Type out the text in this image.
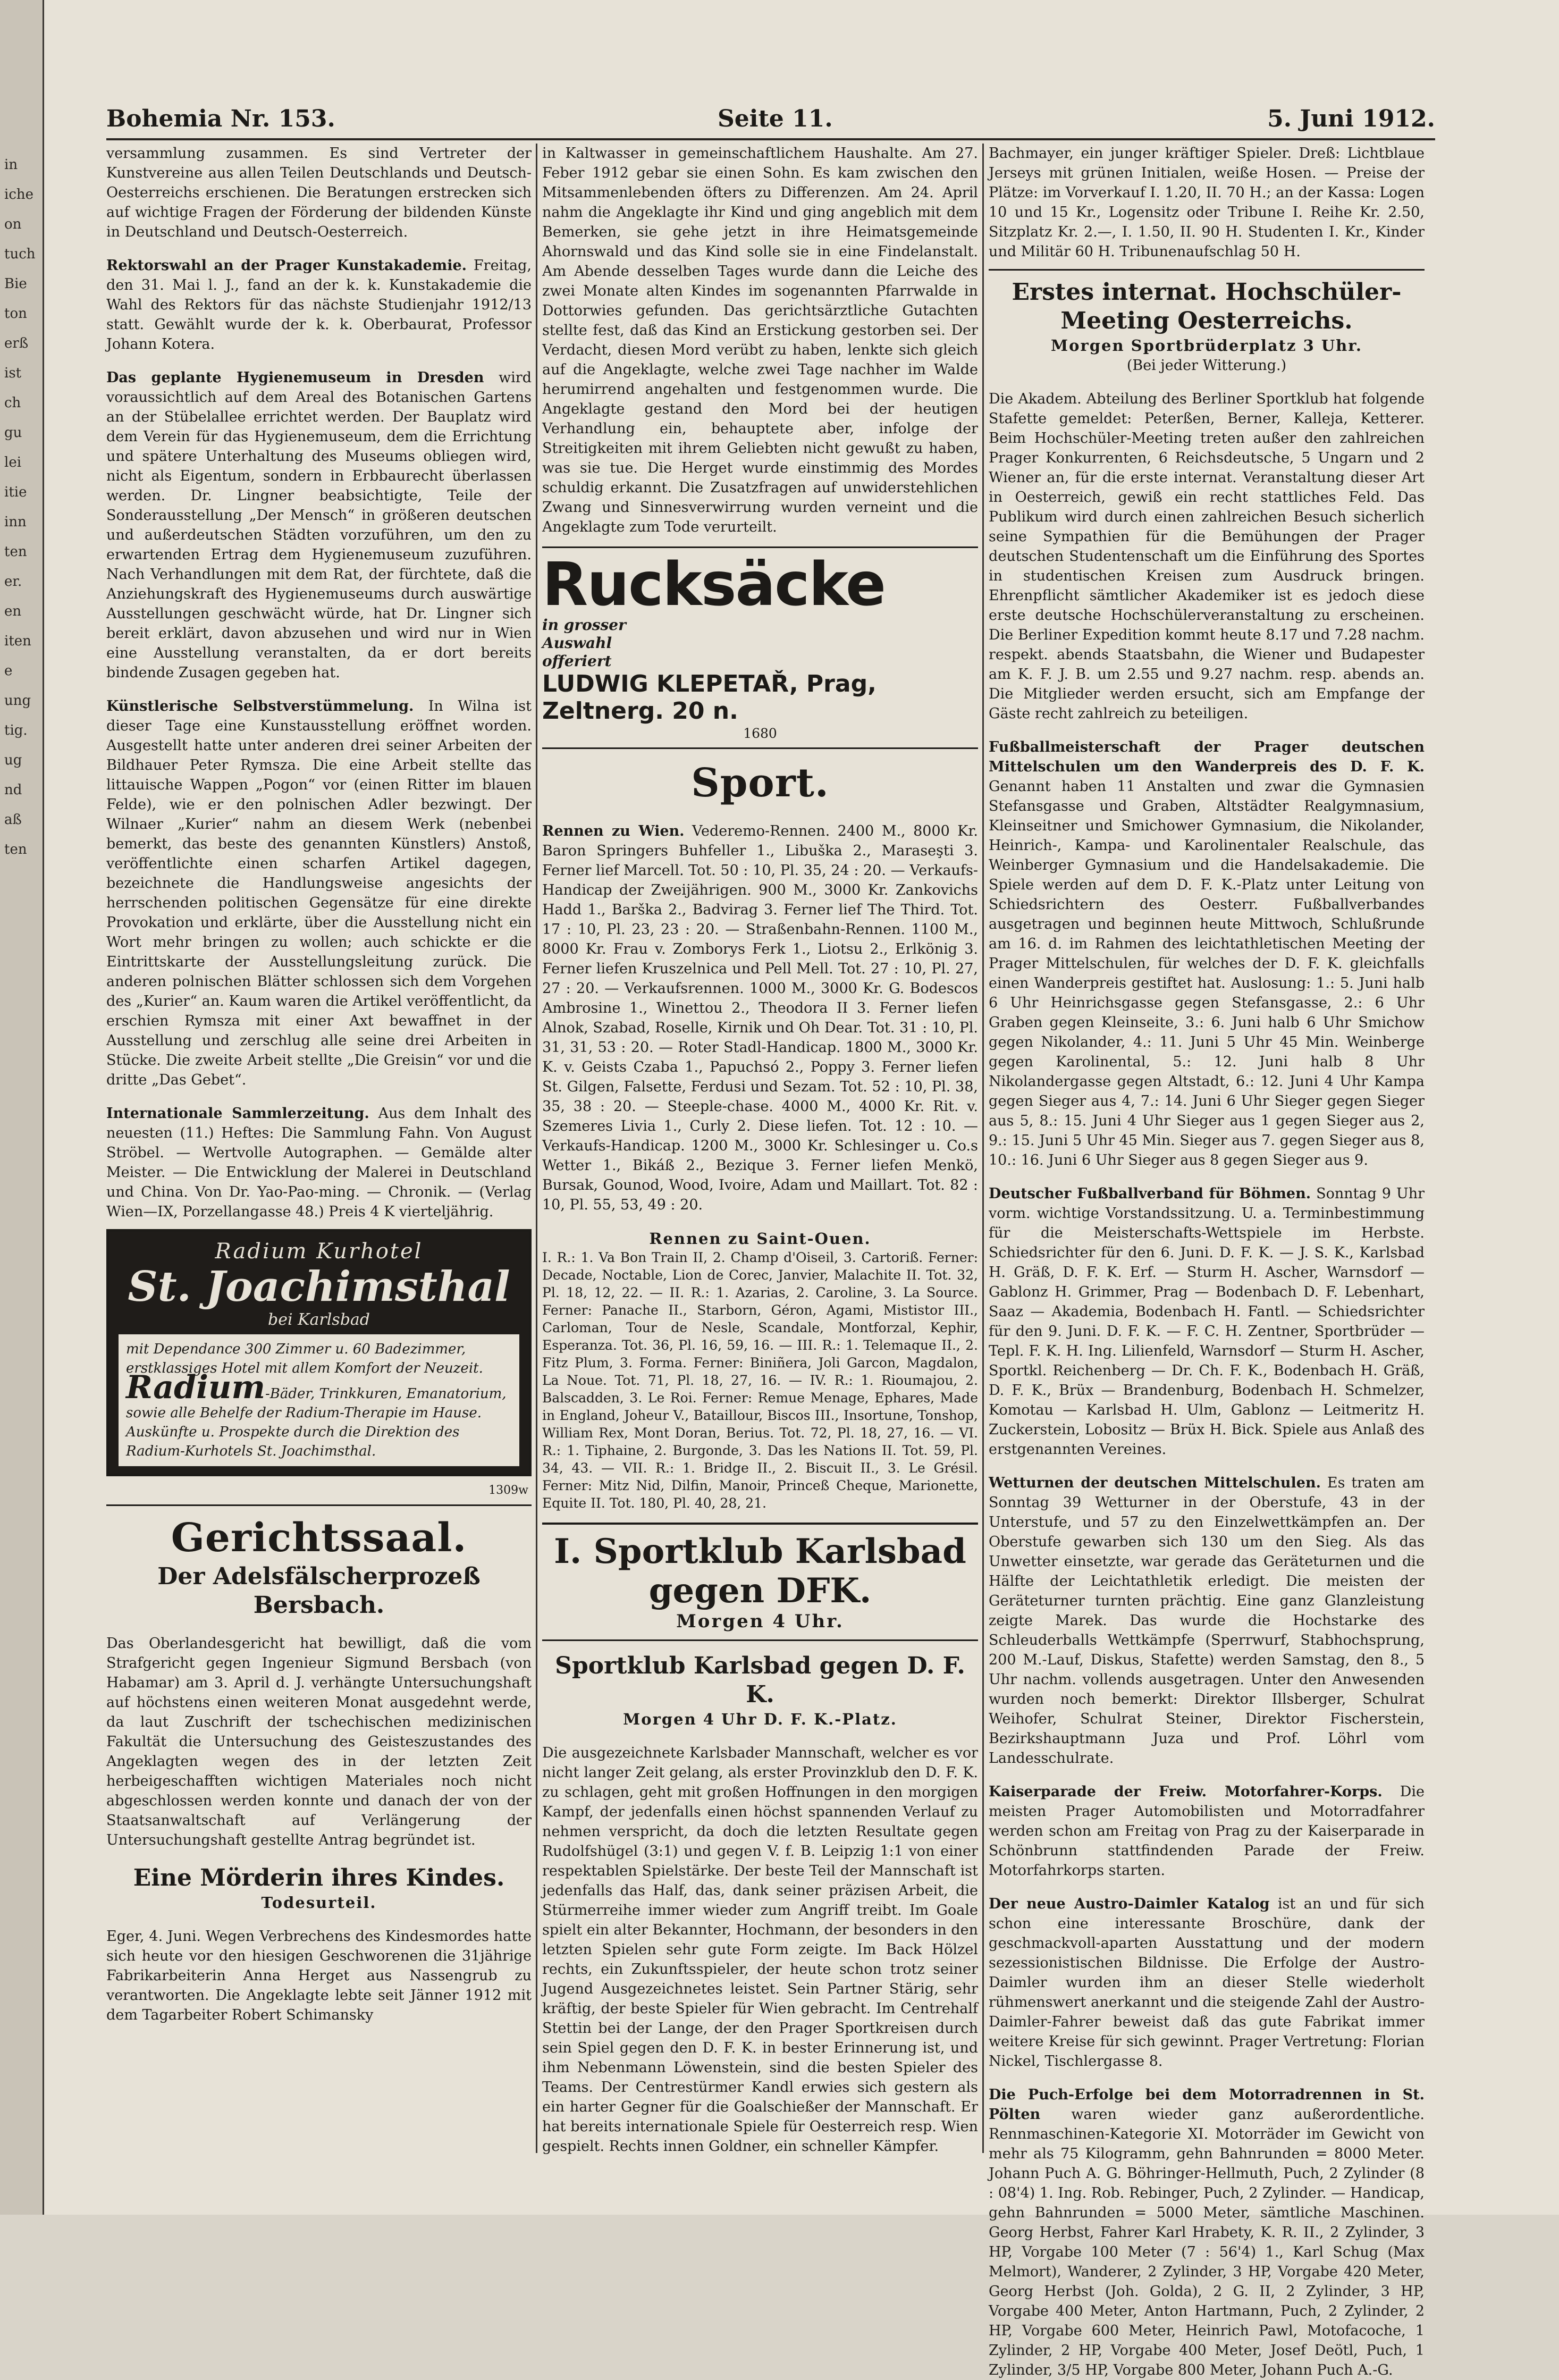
in
iche
on
tuch
Bie
ton
erß
ist
ch
gu
lei
itie
inn
ten
er.
en
iten
e
ung
tig.
ug
nd
aß
ten
Bohemia Nr. 153.	Seite 11.	5. Juni 1912.

versammlung zusammen. Es sind Vertreter der Kunstvereine aus allen Teilen Deutschlands und Deutsch-Oesterreichs erschienen. Die Beratungen erstrecken sich auf wichtige Fragen der Förderung der bildenden Künste in Deutschland und Deutsch-Oesterreich.

Rektorswahl an der Prager Kunstakademie. Freitag, den 31. Mai l. J., fand an der k. k. Kunstakademie die Wahl des Rektors für das nächste Studienjahr 1912/13 statt. Gewählt wurde der k. k. Oberbaurat, Professor Johann Kotera.

Das geplante Hygienemuseum in Dresden wird voraussichtlich auf dem Areal des Botanischen Gartens an der Stübelallee errichtet werden. Der Bauplatz wird dem Verein für das Hygienemuseum, dem die Errichtung und spätere Unterhaltung des Museums obliegen wird, nicht als Eigentum, sondern in Erbbaurecht überlassen werden. Dr. Lingner beabsichtigte, Teile der Sonderausstellung „Der Mensch“ in größeren deutschen und außerdeutschen Städten vorzuführen, um den zu erwartenden Ertrag dem Hygienemuseum zuzuführen. Nach Verhandlungen mit dem Rat, der fürchtete, daß die Anziehungskraft des Hygienemuseums durch auswärtige Ausstellungen geschwächt würde, hat Dr. Lingner sich bereit erklärt, davon abzusehen und wird nur in Wien eine Ausstellung veranstalten, da er dort bereits bindende Zusagen gegeben hat.

Künstlerische Selbstverstümmelung. In Wilna ist dieser Tage eine Kunstausstellung eröffnet worden. Ausgestellt hatte unter anderen drei seiner Arbeiten der Bildhauer Peter Rymsza. Die eine Arbeit stellte das littauische Wappen „Pogon“ vor (einen Ritter im blauen Felde), wie er den polnischen Adler bezwingt. Der Wilnaer „Kurier“ nahm an diesem Werk (nebenbei bemerkt, das beste des genannten Künstlers) Anstoß, veröffentlichte einen scharfen Artikel dagegen, bezeichnete die Handlungsweise angesichts der herrschenden politischen Gegensätze für eine direkte Provokation und erklärte, über die Ausstellung nicht ein Wort mehr bringen zu wollen; auch schickte er die Eintrittskarte der Ausstellungsleitung zurück. Die anderen polnischen Blätter schlossen sich dem Vorgehen des „Kurier“ an. Kaum waren die Artikel veröffentlicht, da erschien Rymsza mit einer Axt bewaffnet in der Ausstellung und zerschlug alle seine drei Arbeiten in Stücke. Die zweite Arbeit stellte „Die Greisin“ vor und die dritte „Das Gebet“.

Internationale Sammlerzeitung. Aus dem Inhalt des neuesten (11.) Heftes: Die Sammlung Fahn. Von August Ströbel. — Wertvolle Autographen. — Gemälde alter Meister. — Die Entwicklung der Malerei in Deutschland und China. Von Dr. Yao-Pao-ming. — Chronik. — (Verlag Wien—IX, Porzellangasse 48.) Preis 4 K vierteljährig.

Radium Kurhotel
St. Joachimsthal
bei Karlsbad
mit Dependance 300 Zimmer u. 60 Badezimmer, erstklassiges Hotel mit allem Komfort der Neuzeit.
Radium-Bäder, Trinkkuren, Emanatorium, sowie alle Behelfe der Radium-Therapie im Hause. Auskünfte u. Prospekte durch die Direktion des Radium-Kurhotels St. Joachimsthal.
1309w
Gerichtssaal.
Der Adelsfälscherprozeß Bersbach.

Das Oberlandesgericht hat bewilligt, daß die vom Strafgericht gegen Ingenieur Sigmund Bersbach (von Habamar) am 3. April d. J. verhängte Untersuchungshaft auf höchstens einen weiteren Monat ausgedehnt werde, da laut Zuschrift der tschechischen medizinischen Fakultät die Untersuchung des Geisteszustandes des Angeklagten wegen des in der letzten Zeit herbeigeschafften wichtigen Materiales noch nicht abgeschlossen werden konnte und danach der von der Staatsanwaltschaft auf Verlängerung der Untersuchungshaft gestellte Antrag begründet ist.

Eine Mörderin ihres Kindes.
Todesurteil.

Eger, 4. Juni. Wegen Verbrechens des Kindesmordes hatte sich heute vor den hiesigen Geschworenen die 31jährige Fabrikarbeiterin Anna Herget aus Nassengrub zu verantworten. Die Angeklagte lebte seit Jänner 1912 mit dem Tagarbeiter Robert Schimansky

in Kaltwasser in gemeinschaftlichem Haushalte. Am 27. Feber 1912 gebar sie einen Sohn. Es kam zwischen den Mitsammenlebenden öfters zu Differenzen. Am 24. April nahm die Angeklagte ihr Kind und ging angeblich mit dem Bemerken, sie gehe jetzt in ihre Heimatsgemeinde Ahornswald und das Kind solle sie in eine Findelanstalt. Am Abende desselben Tages wurde dann die Leiche des zwei Monate alten Kindes im sogenannten Pfarrwalde in Dottorwies gefunden. Das gerichtsärztliche Gutachten stellte fest, daß das Kind an Erstickung gestorben sei. Der Verdacht, diesen Mord verübt zu haben, lenkte sich gleich auf die Angeklagte, welche zwei Tage nachher im Walde herumirrend angehalten und festgenommen wurde. Die Angeklagte gestand den Mord bei der heutigen Verhandlung ein, behauptete aber, infolge der Streitigkeiten mit ihrem Geliebten nicht gewußt zu haben, was sie tue. Die Herget wurde einstimmig des Mordes schuldig erkannt. Die Zusatzfragen auf unwiderstehlichen Zwang und Sinnesverwirrung wurden verneint und die Angeklagte zum Tode verurteilt.

Rucksäcke in grosser Auswahl offeriert
LUDWIG KLEPETAŘ, Prag, Zeltnerg. 20 n.
1680
Sport.

Rennen zu Wien. Vederemo-Rennen. 2400 M., 8000 Kr. Baron Springers Buhfeller 1., Libuška 2., Maraseşti 3. Ferner lief Marcell. Tot. 50 : 10, Pl. 35, 24 : 20. — Verkaufs-Handicap der Zweijährigen. 900 M., 3000 Kr. Zankovichs Hadd 1., Barška 2., Badvirag 3. Ferner lief The Third. Tot. 17 : 10, Pl. 23, 23 : 20. — Straßenbahn-Rennen. 1100 M., 8000 Kr. Frau v. Zomborys Ferk 1., Liotsu 2., Erlkönig 3. Ferner liefen Kruszelnica und Pell Mell. Tot. 27 : 10, Pl. 27, 27 : 20. — Verkaufsrennen. 1000 M., 3000 Kr. G. Bodescos Ambrosine 1., Winettou 2., Theodora II 3. Ferner liefen Alnok, Szabad, Roselle, Kirnik und Oh Dear. Tot. 31 : 10, Pl. 31, 31, 53 : 20. — Roter Stadl-Handicap. 1800 M., 3000 Kr. K. v. Geists Czaba 1., Papuchsó 2., Poppy 3. Ferner liefen St. Gilgen, Falsette, Ferdusi und Sezam. Tot. 52 : 10, Pl. 38, 35, 38 : 20. — Steeple-chase. 4000 M., 4000 Kr. Rit. v. Szemeres Livia 1., Curly 2. Diese liefen. Tot. 12 : 10. — Verkaufs-Handicap. 1200 M., 3000 Kr. Schlesinger u. Co.s Wetter 1., Bikáß 2., Bezique 3. Ferner liefen Menkö, Bursak, Gounod, Wood, Ivoire, Adam und Maillart. Tot. 82 : 10, Pl. 55, 53, 49 : 20.

Rennen zu Saint-Ouen.

I. R.: 1. Va Bon Train II, 2. Champ d'Oiseil, 3. Cartoriß. Ferner: Decade, Noctable, Lion de Corec, Janvier, Malachite II. Tot. 32, Pl. 18, 12, 22. — II. R.: 1. Azarias, 2. Caroline, 3. La Source. Ferner: Panache II., Starborn, Géron, Agami, Mististor III., Carloman, Tour de Nesle, Scandale, Montforzal, Kephir, Esperanza. Tot. 36, Pl. 16, 59, 16. — III. R.: 1. Telemaque II., 2. Fitz Plum, 3. Forma. Ferner: Biniñera, Joli Garcon, Magdalon, La Noue. Tot. 71, Pl. 18, 27, 16. — IV. R.: 1. Rioumajou, 2. Balscadden, 3. Le Roi. Ferner: Remue Menage, Ephares, Made in England, Joheur V., Bataillour, Biscos III., Insortune, Tonshop, William Rex, Mont Doran, Berius. Tot. 72, Pl. 18, 27, 16. — VI. R.: 1. Tiphaine, 2. Burgonde, 3. Das les Nations II. Tot. 59, Pl. 34, 43. — VII. R.: 1. Bridge II., 2. Biscuit II., 3. Le Grésil. Ferner: Mitz Nid, Dilfin, Manoir, Princeß Cheque, Marionette, Equite II. Tot. 180, Pl. 40, 28, 21.

I. Sportklub Karlsbad gegen DFK.
Morgen 4 Uhr.
Sportklub Karlsbad gegen D. F. K.
Morgen 4 Uhr D. F. K.-Platz.

Die ausgezeichnete Karlsbader Mannschaft, welcher es vor nicht langer Zeit gelang, als erster Provinzklub den D. F. K. zu schlagen, geht mit großen Hoffnungen in den morgigen Kampf, der jedenfalls einen höchst spannenden Verlauf zu nehmen verspricht, da doch die letzten Resultate gegen Rudolfshügel (3:1) und gegen V. f. B. Leipzig 1:1 von einer respektablen Spielstärke. Der beste Teil der Mannschaft ist jedenfalls das Half, das, dank seiner präzisen Arbeit, die Stürmerreihe immer wieder zum Angriff treibt. Im Goale spielt ein alter Bekannter, Hochmann, der besonders in den letzten Spielen sehr gute Form zeigte. Im Back Hölzel rechts, ein Zukunftsspieler, der heute schon trotz seiner Jugend Ausgezeichnetes leistet. Sein Partner Stärig, sehr kräftig, der beste Spieler für Wien gebracht. Im Centrehalf Stettin bei der Lange, der den Prager Sportkreisen durch sein Spiel gegen den D. F. K. in bester Erinnerung ist, und ihm Nebenmann Löwenstein, sind die besten Spieler des Teams. Der Centrestürmer Kandl erwies sich gestern als ein harter Gegner für die Goalschießer der Mannschaft. Er hat bereits internationale Spiele für Oesterreich resp. Wien gespielt. Rechts innen Goldner, ein schneller Kämpfer.

Bachmayer, ein junger kräftiger Spieler. Dreß: Lichtblaue Jerseys mit grünen Initialen, weiße Hosen. — Preise der Plätze: im Vorverkauf I. 1.20, II. 70 H.; an der Kassa: Logen 10 und 15 Kr., Logensitz oder Tribune I. Reihe Kr. 2.50, Sitzplatz Kr. 2.—, I. 1.50, II. 90 H. Studenten I. Kr., Kinder und Militär 60 H. Tribunenaufschlag 50 H.

Erstes internat. Hochschüler-Meeting Oesterreichs.
Morgen Sportbrüderplatz 3 Uhr.
(Bei jeder Witterung.)

Die Akadem. Abteilung des Berliner Sportklub hat folgende Stafette gemeldet: Peterßen, Berner, Kalleja, Ketterer. Beim Hochschüler-Meeting treten außer den zahlreichen Prager Konkurrenten, 6 Reichsdeutsche, 5 Ungarn und 2 Wiener an, für die erste internat. Veranstaltung dieser Art in Oesterreich, gewiß ein recht stattliches Feld. Das Publikum wird durch einen zahlreichen Besuch sicherlich seine Sympathien für die Bemühungen der Prager deutschen Studentenschaft um die Einführung des Sportes in studentischen Kreisen zum Ausdruck bringen. Ehrenpflicht sämtlicher Akademiker ist es jedoch diese erste deutsche Hochschülerveranstaltung zu erscheinen. Die Berliner Expedition kommt heute 8.17 und 7.28 nachm. respekt. abends Staatsbahn, die Wiener und Budapester am K. F. J. B. um 2.55 und 9.27 nachm. resp. abends an. Die Mitglieder werden ersucht, sich am Empfange der Gäste recht zahlreich zu beteiligen.

Fußballmeisterschaft der Prager deutschen Mittelschulen um den Wanderpreis des D. F. K. Genannt haben 11 Anstalten und zwar die Gymnasien Stefansgasse und Graben, Altstädter Realgymnasium, Kleinseitner und Smichower Gymnasium, die Nikolander, Heinrich-, Kampa- und Karolinentaler Realschule, das Weinberger Gymnasium und die Handelsakademie. Die Spiele werden auf dem D. F. K.-Platz unter Leitung von Schiedsrichtern des Oesterr. Fußballverbandes ausgetragen und beginnen heute Mittwoch, Schlußrunde am 16. d. im Rahmen des leichtathletischen Meeting der Prager Mittelschulen, für welches der D. F. K. gleichfalls einen Wanderpreis gestiftet hat. Auslosung: 1.: 5. Juni halb 6 Uhr Heinrichsgasse gegen Stefansgasse, 2.: 6 Uhr Graben gegen Kleinseite, 3.: 6. Juni halb 6 Uhr Smichow gegen Nikolander, 4.: 11. Juni 5 Uhr 45 Min. Weinberge gegen Karolinental, 5.: 12. Juni halb 8 Uhr Nikolandergasse gegen Altstadt, 6.: 12. Juni 4 Uhr Kampa gegen Sieger aus 4, 7.: 14. Juni 6 Uhr Sieger gegen Sieger aus 5, 8.: 15. Juni 4 Uhr Sieger aus 1 gegen Sieger aus 2, 9.: 15. Juni 5 Uhr 45 Min. Sieger aus 7. gegen Sieger aus 8, 10.: 16. Juni 6 Uhr Sieger aus 8 gegen Sieger aus 9.

Deutscher Fußballverband für Böhmen. Sonntag 9 Uhr vorm. wichtige Vorstandssitzung. U. a. Terminbestimmung für die Meisterschafts-Wettspiele im Herbste. Schiedsrichter für den 6. Juni. D. F. K. — J. S. K., Karlsbad H. Gräß, D. F. K. Erf. — Sturm H. Ascher, Warnsdorf — Gablonz H. Grimmer, Prag — Bodenbach D. F. Lebenhart, Saaz — Akademia, Bodenbach H. Fantl. — Schiedsrichter für den 9. Juni. D. F. K. — F. C. H. Zentner, Sportbrüder — Tepl. F. K. H. Ing. Lilienfeld, Warnsdorf — Sturm H. Ascher, Sportkl. Reichenberg — Dr. Ch. F. K., Bodenbach H. Gräß, D. F. K., Brüx — Brandenburg, Bodenbach H. Schmelzer, Komotau — Karlsbad H. Ulm, Gablonz — Leitmeritz H. Zuckerstein, Lobositz — Brüx H. Bick. Spiele aus Anlaß des erstgenannten Vereines.

Wetturnen der deutschen Mittelschulen. Es traten am Sonntag 39 Wetturner in der Oberstufe, 43 in der Unterstufe, und 57 zu den Einzelwettkämpfen an. Der Oberstufe gewarben sich 130 um den Sieg. Als das Unwetter einsetzte, war gerade das Geräteturnen und die Hälfte der Leichtathletik erledigt. Die meisten der Geräteturner turnten prächtig. Eine ganz Glanzleistung zeigte Marek. Das wurde die Hochstarke des Schleuderballs Wettkämpfe (Sperrwurf, Stabhochsprung, 200 M.-Lauf, Diskus, Stafette) werden Samstag, den 8., 5 Uhr nachm. vollends ausgetragen. Unter den Anwesenden wurden noch bemerkt: Direktor Illsberger, Schulrat Weihofer, Schulrat Steiner, Direktor Fischerstein, Bezirkshauptmann Juza und Prof. Löhrl vom Landesschulrate.

Kaiserparade der Freiw. Motorfahrer-Korps. Die meisten Prager Automobilisten und Motorradfahrer werden schon am Freitag von Prag zu der Kaiserparade in Schönbrunn stattfindenden Parade der Freiw. Motorfahrkorps starten.

Der neue Austro-Daimler Katalog ist an und für sich schon eine interessante Broschüre, dank der geschmackvoll-aparten Ausstattung und der modern sezessionistischen Bildnisse. Die Erfolge der Austro-Daimler wurden ihm an dieser Stelle wiederholt rühmenswert anerkannt und die steigende Zahl der Austro-Daimler-Fahrer beweist daß das gute Fabrikat immer weitere Kreise für sich gewinnt. Prager Vertretung: Florian Nickel, Tischlergasse 8.

Die Puch-Erfolge bei dem Motorradrennen in St. Pölten waren wieder ganz außerordentliche. Rennmaschinen-Kategorie XI. Motorräder im Gewicht von mehr als 75 Kilogramm, gehn Bahnrunden = 8000 Meter. Johann Puch A. G. Böhringer-Hellmuth, Puch, 2 Zylinder (8 : 08'4) 1. Ing. Rob. Rebinger, Puch, 2 Zylinder. — Handicap, gehn Bahnrunden = 5000 Meter, sämtliche Maschinen. Georg Herbst, Fahrer Karl Hrabety, K. R. II., 2 Zylinder, 3 HP, Vorgabe 100 Meter (7 : 56'4) 1., Karl Schug (Max Melmort), Wanderer, 2 Zylinder, 3 HP, Vorgabe 420 Meter, Georg Herbst (Joh. Golda), 2 G. II, 2 Zylinder, 3 HP, Vorgabe 400 Meter, Anton Hartmann, Puch, 2 Zylinder, 2 HP, Vorgabe 600 Meter, Heinrich Pawl, Motofacoche, 1 Zylinder, 2 HP, Vorgabe 400 Meter, Josef Deötl, Puch, 1 Zylinder, 3/5 HP, Vorgabe 800 Meter, Johann Puch A.-G.
